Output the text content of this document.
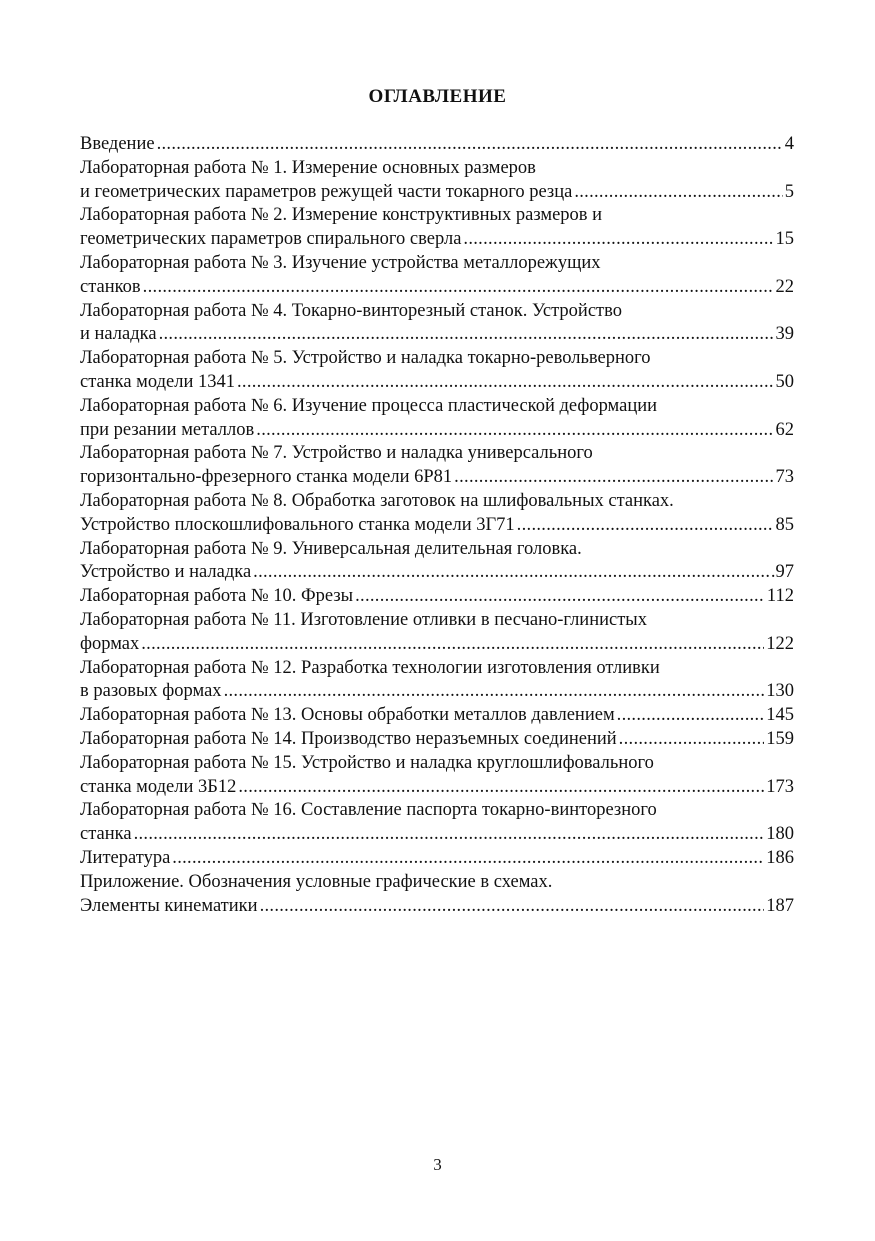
ОГЛАВЛЕНИЕ
Введение .....	4
Лабораторная работа № 1. Измерение основных размеров
и геометрических параметров режущей части токарного резца .....	5
Лабораторная работа № 2. Измерение конструктивных размеров и
геометрических параметров спирального сверла .....	15
Лабораторная работа № 3. Изучение устройства металлорежущих
станков .....	22
Лабораторная работа № 4. Токарно-винторезный станок. Устройство
и наладка .....	39
Лабораторная работа № 5. Устройство и наладка токарно-револьверного
станка модели 1341 .....	50
Лабораторная работа № 6. Изучение процесса пластической деформации
при резании металлов .....	62
Лабораторная работа № 7. Устройство и наладка универсального
горизонтально-фрезерного станка модели 6Р81 .....	73
Лабораторная работа № 8. Обработка заготовок на шлифовальных станках.
Устройство плоскошлифовального станка модели 3Г71 .....	85
Лабораторная работа № 9. Универсальная делительная головка.
Устройство и наладка .....	.97
Лабораторная работа № 10. Фрезы .....	112
Лабораторная работа № 11. Изготовление отливки в песчано-глинистых
формах .....	122
Лабораторная работа № 12. Разработка технологии изготовления отливки
в разовых формах .....	130
Лабораторная работа № 13. Основы обработки металлов давлением .....	145
Лабораторная работа № 14. Производство неразъемных соединений .....	159
Лабораторная работа № 15. Устройство и наладка круглошлифовального
станка модели 3Б12 .....	173
Лабораторная работа № 16. Составление паспорта токарно-винторезного
станка .....	180
Литература .....	186
Приложение. Обозначения условные графические в схемах.
Элементы кинематики .....	187
3
